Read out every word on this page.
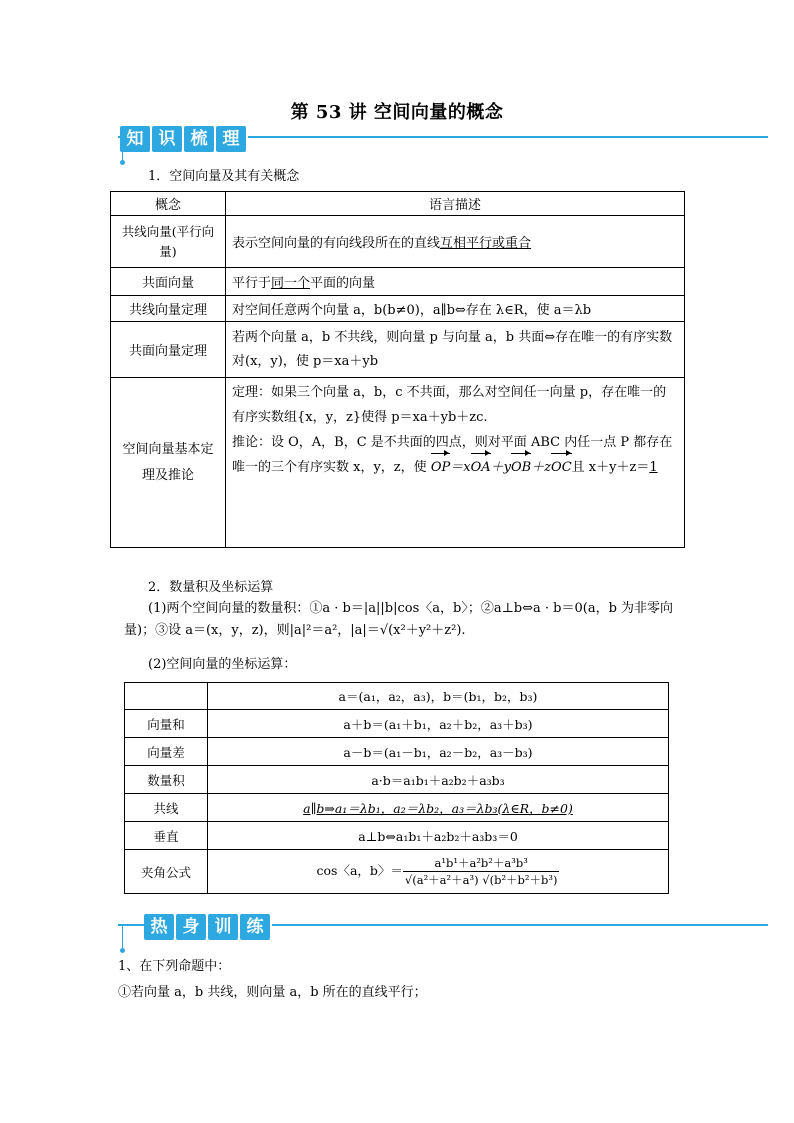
第 53 讲 空间向量的概念
知 识 梳 理
1．空间向量及其有关概念
概念	语言描述
共线向量(平行向量)	表示空间向量的有向线段所在的直线互相平行或重合
共面向量	平行于同一个平面的向量
共线向量定理	对空间任意两个向量 a，b(b≠0)，a∥b⇔存在 λ∈R，使 a＝λb
共面向量定理	若两个向量 a，b 不共线，则向量 p 与向量 a，b 共面⇔存在唯一的有序实数对(x，y)，使 p＝xa＋yb
空间向量基本定理及推论	定理：如果三个向量 a，b，c 不共面，那么对空间任一向量 p，存在唯一的有序实数组{x，y，z}使得 p＝xa＋yb＋zc.
推论：设 O，A，B，C 是不共面的四点，则对平面 ABC 内任一点 P 都存在唯一的三个有序实数 x，y，z，使 OP＝xOA＋yOB＋zOC且 x＋y＋z＝1
2．数量积及坐标运算
(1)两个空间向量的数量积：①a · b＝|a||b|cos〈a，b〉；②a⊥b⇔a · b＝0(a，b 为非零向量)；③设 a＝(x，y，z)，则|a|²＝a²，|a|＝√(x²＋y²＋z²).
(2)空间向量的坐标运算：
	a＝(a₁，a₂，a₃)，b＝(b₁，b₂，b₃)
向量和	a＋b＝(a₁＋b₁，a₂＋b₂，a₃＋b₃)
向量差	a－b＝(a₁－b₁，a₂－b₂，a₃－b₃)
数量积	a·b＝a₁b₁＋a₂b₂＋a₃b₃
共线	a∥b⇒a₁＝λb₁，a₂＝λb₂，a₃＝λb₃(λ∈R，b≠0)
垂直	a⊥b⇔a₁b₁＋a₂b₂＋a₃b₃＝0
夹角公式	cos〈a，b〉＝ $\frac{\text{a¹b¹＋a²b²＋a³b³}}{\text{√(a²＋a²＋a³) √(b²＋b²＋b³)}}$
热 身 训 练
1、在下列命题中：
①若向量 a，b 共线，则向量 a，b 所在的直线平行；
